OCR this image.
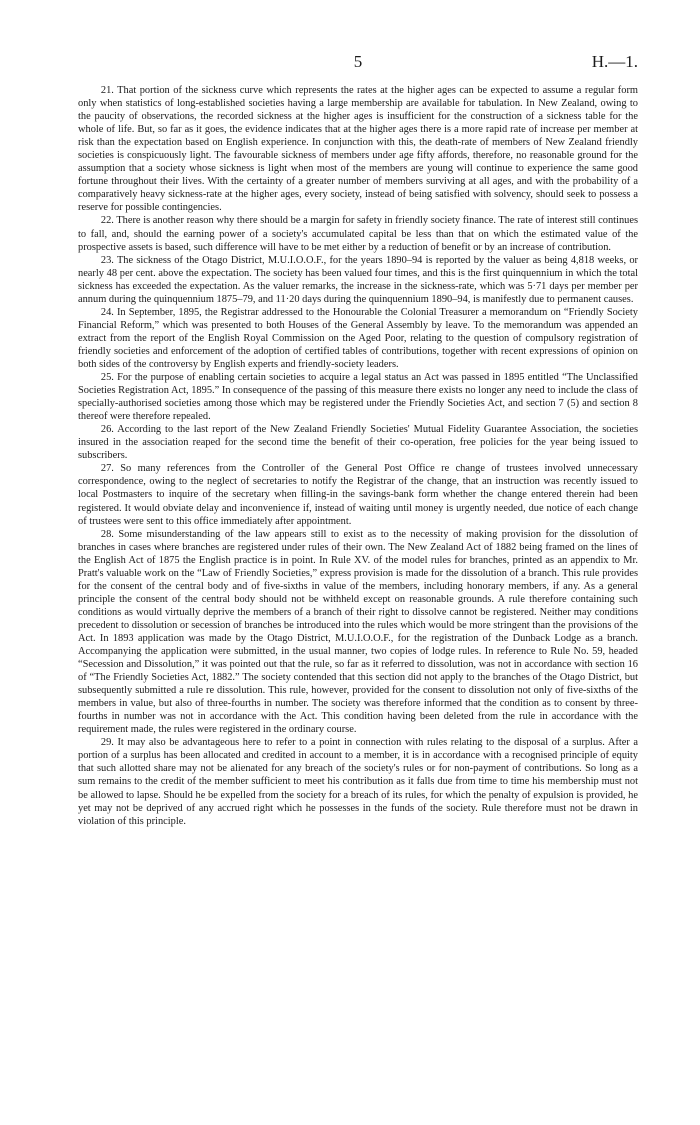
5	H.—1.

21. That portion of the sickness curve which represents the rates at the higher ages can be expected to assume a regular form only when statistics of long-established societies having a large membership are available for tabulation. In New Zealand, owing to the paucity of observations, the recorded sickness at the higher ages is insufficient for the construction of a sickness table for the whole of life. But, so far as it goes, the evidence indicates that at the higher ages there is a more rapid rate of increase per member at risk than the expectation based on English experience. In conjunction with this, the death-rate of members of New Zealand friendly societies is conspicuously light. The favourable sickness of members under age fifty affords, therefore, no reasonable ground for the assumption that a society whose sickness is light when most of the members are young will continue to experience the same good fortune throughout their lives. With the certainty of a greater number of members surviving at all ages, and with the probability of a comparatively heavy sickness-rate at the higher ages, every society, instead of being satisfied with solvency, should seek to possess a reserve for possible contingencies.

22. There is another reason why there should be a margin for safety in friendly society finance. The rate of interest still continues to fall, and, should the earning power of a society's accumulated capital be less than that on which the estimated value of the prospective assets is based, such difference will have to be met either by a reduction of benefit or by an increase of contribution.

23. The sickness of the Otago District, M.U.I.O.O.F., for the years 1890–94 is reported by the valuer as being 4,818 weeks, or nearly 48 per cent. above the expectation. The society has been valued four times, and this is the first quinquennium in which the total sickness has exceeded the expectation. As the valuer remarks, the increase in the sickness-rate, which was 5·71 days per member per annum during the quinquennium 1875–79, and 11·20 days during the quinquennium 1890–94, is manifestly due to permanent causes.

24. In September, 1895, the Registrar addressed to the Honourable the Colonial Treasurer a memorandum on “Friendly Society Financial Reform,” which was presented to both Houses of the General Assembly by leave. To the memorandum was appended an extract from the report of the English Royal Commission on the Aged Poor, relating to the question of compulsory registration of friendly societies and enforcement of the adoption of certified tables of contributions, together with recent expressions of opinion on both sides of the controversy by English experts and friendly-society leaders.

25. For the purpose of enabling certain societies to acquire a legal status an Act was passed in 1895 entitled “The Unclassified Societies Registration Act, 1895.” In consequence of the passing of this measure there exists no longer any need to include the class of specially-authorised societies among those which may be registered under the Friendly Societies Act, and section 7 (5) and section 8 thereof were therefore repealed.

26. According to the last report of the New Zealand Friendly Societies' Mutual Fidelity Guarantee Association, the societies insured in the association reaped for the second time the benefit of their co-operation, free policies for the year being issued to subscribers.

27. So many references from the Controller of the General Post Office re change of trustees involved unnecessary correspondence, owing to the neglect of secretaries to notify the Registrar of the change, that an instruction was recently issued to local Postmasters to inquire of the secretary when filling-in the savings-bank form whether the change entered therein had been registered. It would obviate delay and inconvenience if, instead of waiting until money is urgently needed, due notice of each change of trustees were sent to this office immediately after appointment.

28. Some misunderstanding of the law appears still to exist as to the necessity of making provision for the dissolution of branches in cases where branches are registered under rules of their own. The New Zealand Act of 1882 being framed on the lines of the English Act of 1875 the English practice is in point. In Rule XV. of the model rules for branches, printed as an appendix to Mr. Pratt's valuable work on the “Law of Friendly Societies,” express provision is made for the dissolution of a branch. This rule provides for the consent of the central body and of five-sixths in value of the members, including honorary members, if any. As a general principle the consent of the central body should not be withheld except on reasonable grounds. A rule therefore containing such conditions as would virtually deprive the members of a branch of their right to dissolve cannot be registered. Neither may conditions precedent to dissolution or secession of branches be introduced into the rules which would be more stringent than the provisions of the Act. In 1893 application was made by the Otago District, M.U.I.O.O.F., for the registration of the Dunback Lodge as a branch. Accompanying the application were submitted, in the usual manner, two copies of lodge rules. In reference to Rule No. 59, headed “Secession and Dissolution,” it was pointed out that the rule, so far as it referred to dissolution, was not in accordance with section 16 of “The Friendly Societies Act, 1882.” The society contended that this section did not apply to the branches of the Otago District, but subsequently submitted a rule re dissolution. This rule, however, provided for the consent to dissolution not only of five-sixths of the members in value, but also of three-fourths in number. The society was therefore informed that the condition as to consent by three-fourths in number was not in accordance with the Act. This condition having been deleted from the rule in accordance with the requirement made, the rules were registered in the ordinary course.

29. It may also be advantageous here to refer to a point in connection with rules relating to the disposal of a surplus. After a portion of a surplus has been allocated and credited in account to a member, it is in accordance with a recognised principle of equity that such allotted share may not be alienated for any breach of the society's rules or for non-payment of contributions. So long as a sum remains to the credit of the member sufficient to meet his contribution as it falls due from time to time his membership must not be allowed to lapse. Should he be expelled from the society for a breach of its rules, for which the penalty of expulsion is provided, he yet may not be deprived of any accrued right which he possesses in the funds of the society. Rule therefore must not be drawn in violation of this principle.
